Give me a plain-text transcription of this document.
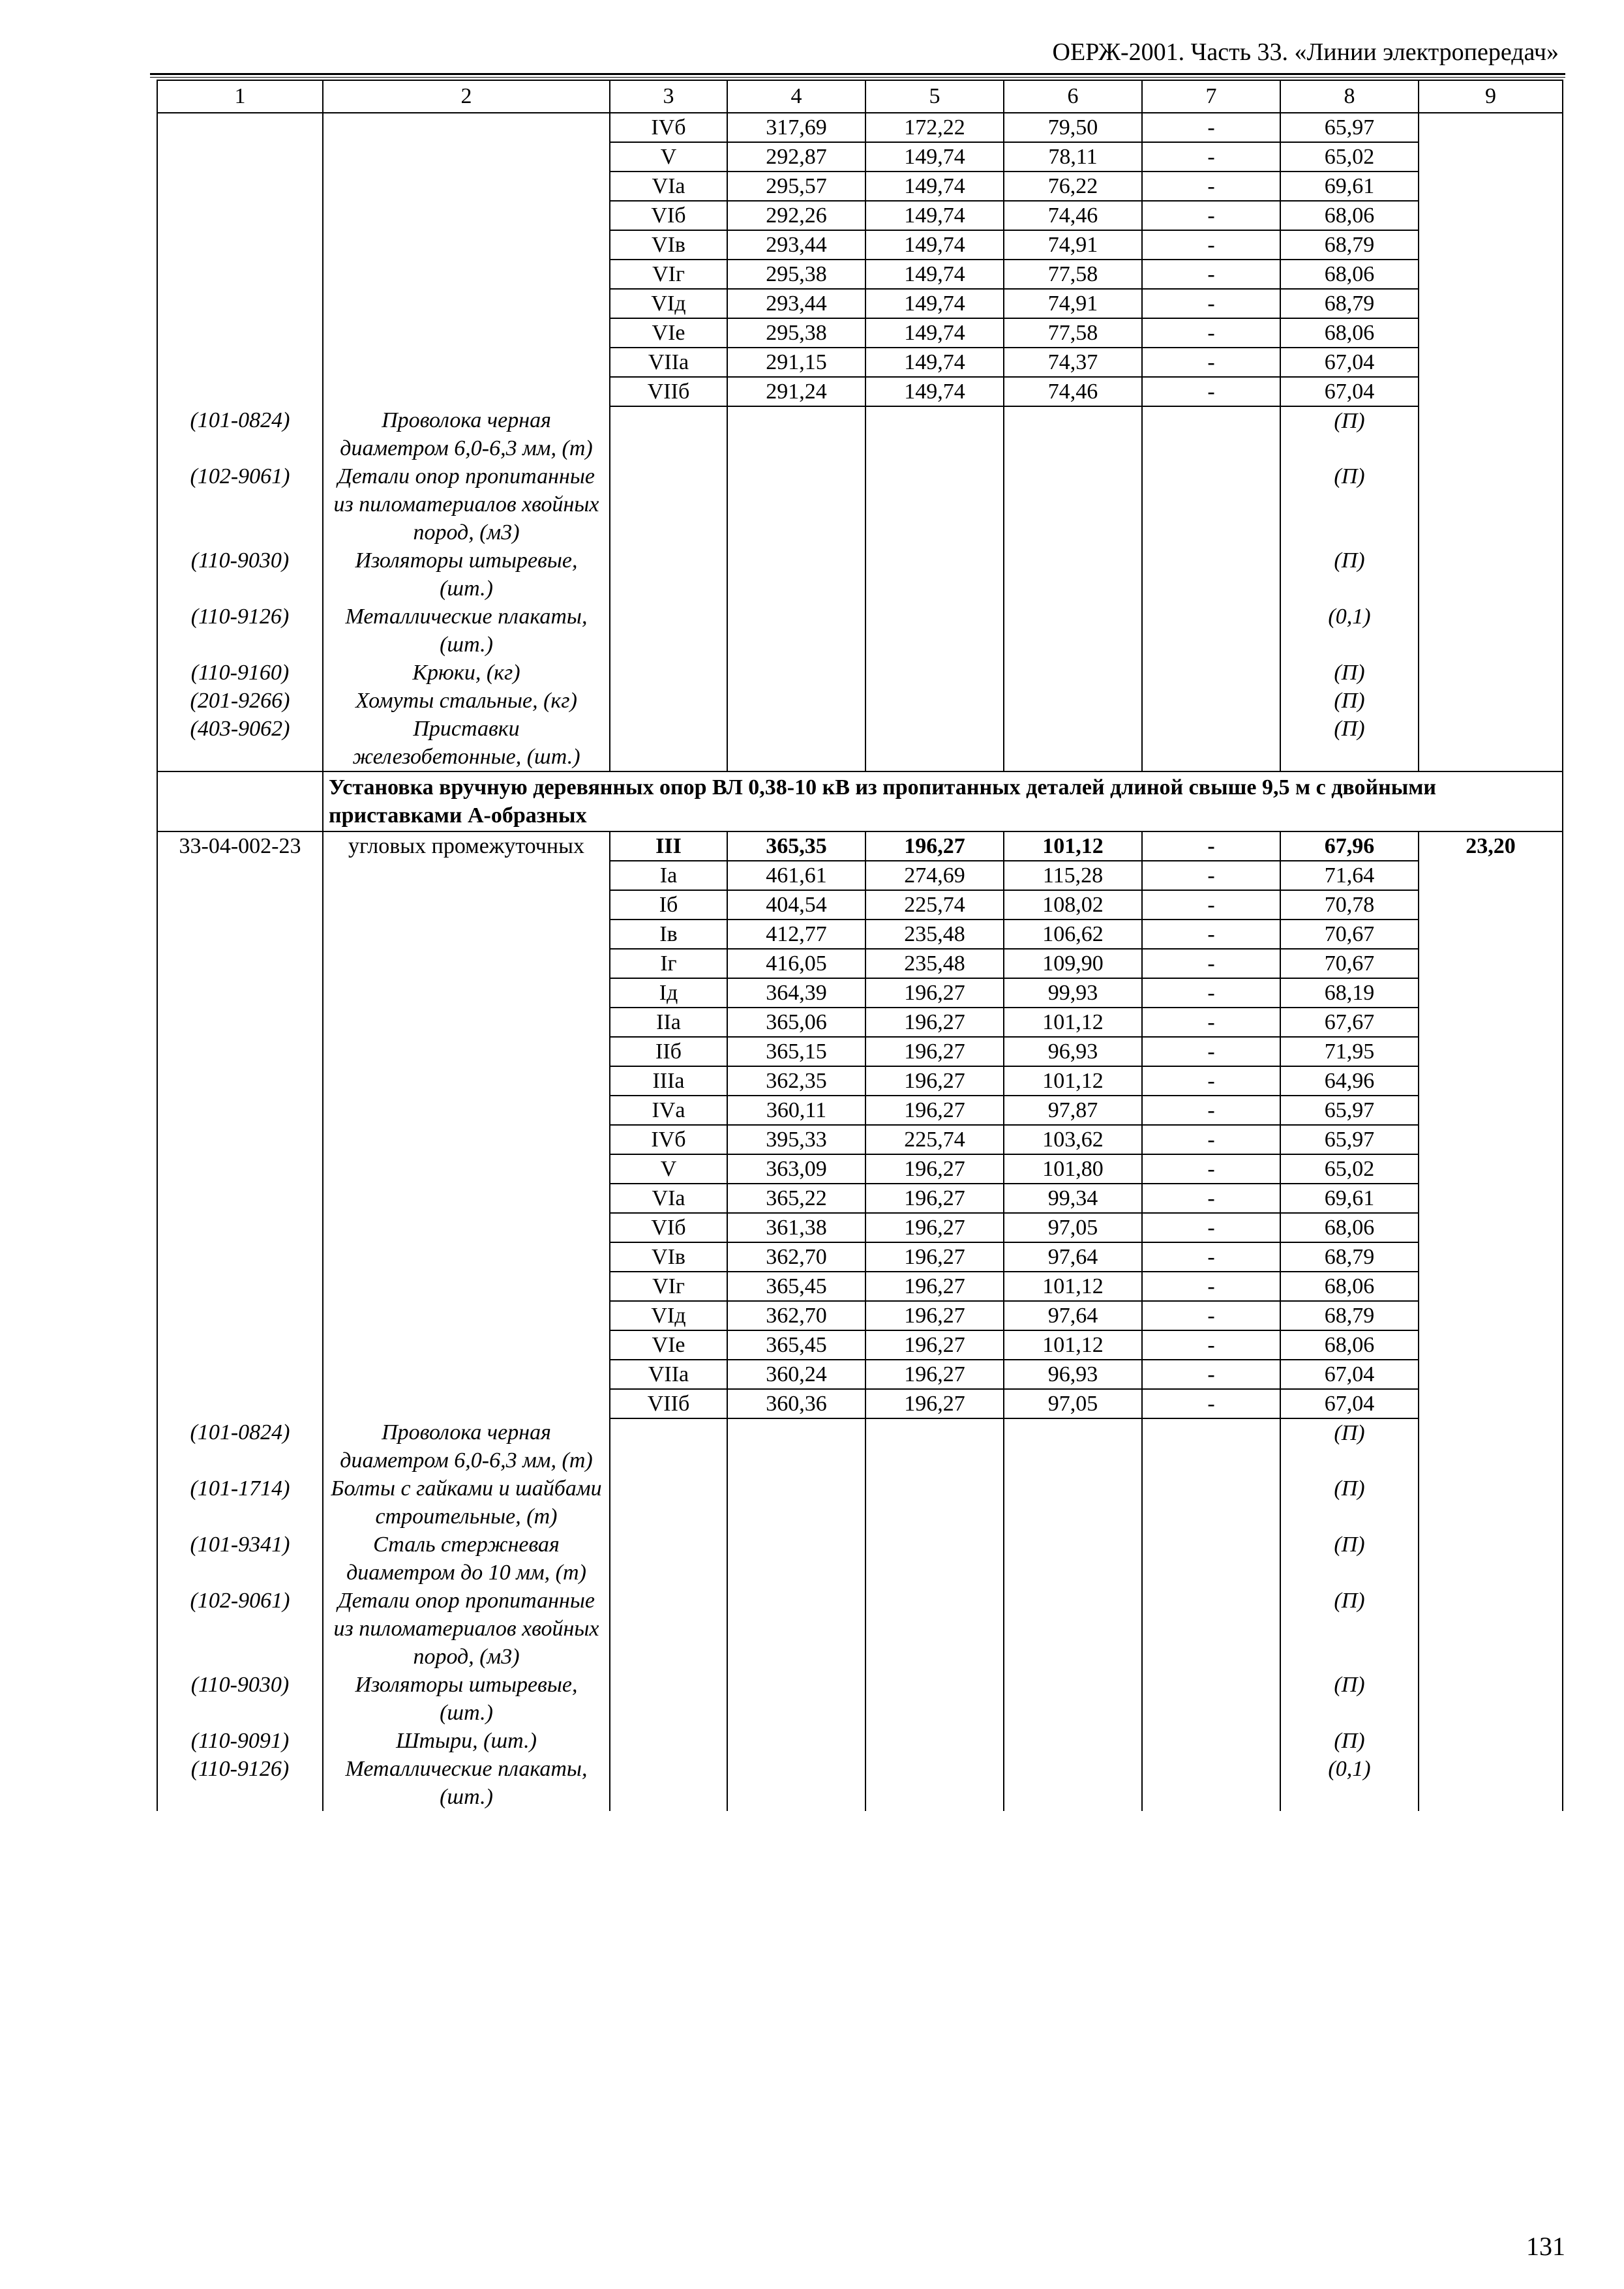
ОЕРЖ-2001. Часть 33. «Линии электропередач»
1	2	3	4	5	6	7	8	9
		IVб	317,69	172,22	79,50	-	65,97	
		V	292,87	149,74	78,11	-	65,02	
		VIа	295,57	149,74	76,22	-	69,61	
		VIб	292,26	149,74	74,46	-	68,06	
		VIв	293,44	149,74	74,91	-	68,79	
		VIг	295,38	149,74	77,58	-	68,06	
		VIд	293,44	149,74	74,91	-	68,79	
		VIе	295,38	149,74	77,58	-	68,06	
		VIIа	291,15	149,74	74,37	-	67,04	
		VIIб	291,24	149,74	74,46	-	67,04	
(101-0824)	Проволока черная диаметром 6,0-6,3 мм, (т)						(П)	
(102-9061)	Детали опор пропитанные из пиломатериалов хвойных пород, (м3)						(П)	
(110-9030)	Изоляторы штыревые, (шт.)						(П)	
(110-9126)	Металлические плакаты, (шт.)						(0,1)	
(110-9160)	Крюки, (кг)						(П)	
(201-9266)	Хомуты стальные, (кг)						(П)	
(403-9062)	Приставки железобетонные, (шт.)						(П)	
	Установка вручную деревянных опор ВЛ 0,38-10 кВ из пропитанных деталей длиной свыше 9,5 м с двойными приставками А-образных							
33-04-002-23	угловых промежуточных	III	365,35	196,27	101,12	-	67,96	23,20
		Iа	461,61	274,69	115,28	-	71,64	
		Iб	404,54	225,74	108,02	-	70,78	
		Iв	412,77	235,48	106,62	-	70,67	
		Iг	416,05	235,48	109,90	-	70,67	
		Iд	364,39	196,27	99,93	-	68,19	
		IIа	365,06	196,27	101,12	-	67,67	
		IIб	365,15	196,27	96,93	-	71,95	
		IIIа	362,35	196,27	101,12	-	64,96	
		IVа	360,11	196,27	97,87	-	65,97	
		IVб	395,33	225,74	103,62	-	65,97	
		V	363,09	196,27	101,80	-	65,02	
		VIа	365,22	196,27	99,34	-	69,61	
		VIб	361,38	196,27	97,05	-	68,06	
		VIв	362,70	196,27	97,64	-	68,79	
		VIг	365,45	196,27	101,12	-	68,06	
		VIд	362,70	196,27	97,64	-	68,79	
		VIе	365,45	196,27	101,12	-	68,06	
		VIIа	360,24	196,27	96,93	-	67,04	
		VIIб	360,36	196,27	97,05	-	67,04	
(101-0824)	Проволока черная диаметром 6,0-6,3 мм, (т)						(П)	
(101-1714)	Болты с гайками и шайбами строительные, (т)						(П)	
(101-9341)	Сталь стержневая диаметром до 10 мм, (т)						(П)	
(102-9061)	Детали опор пропитанные из пиломатериалов хвойных пород, (м3)						(П)	
(110-9030)	Изоляторы штыревые, (шт.)						(П)	
(110-9091)	Штыри, (шт.)						(П)	
(110-9126)	Металлические плакаты, (шт.)						(0,1)	
131
